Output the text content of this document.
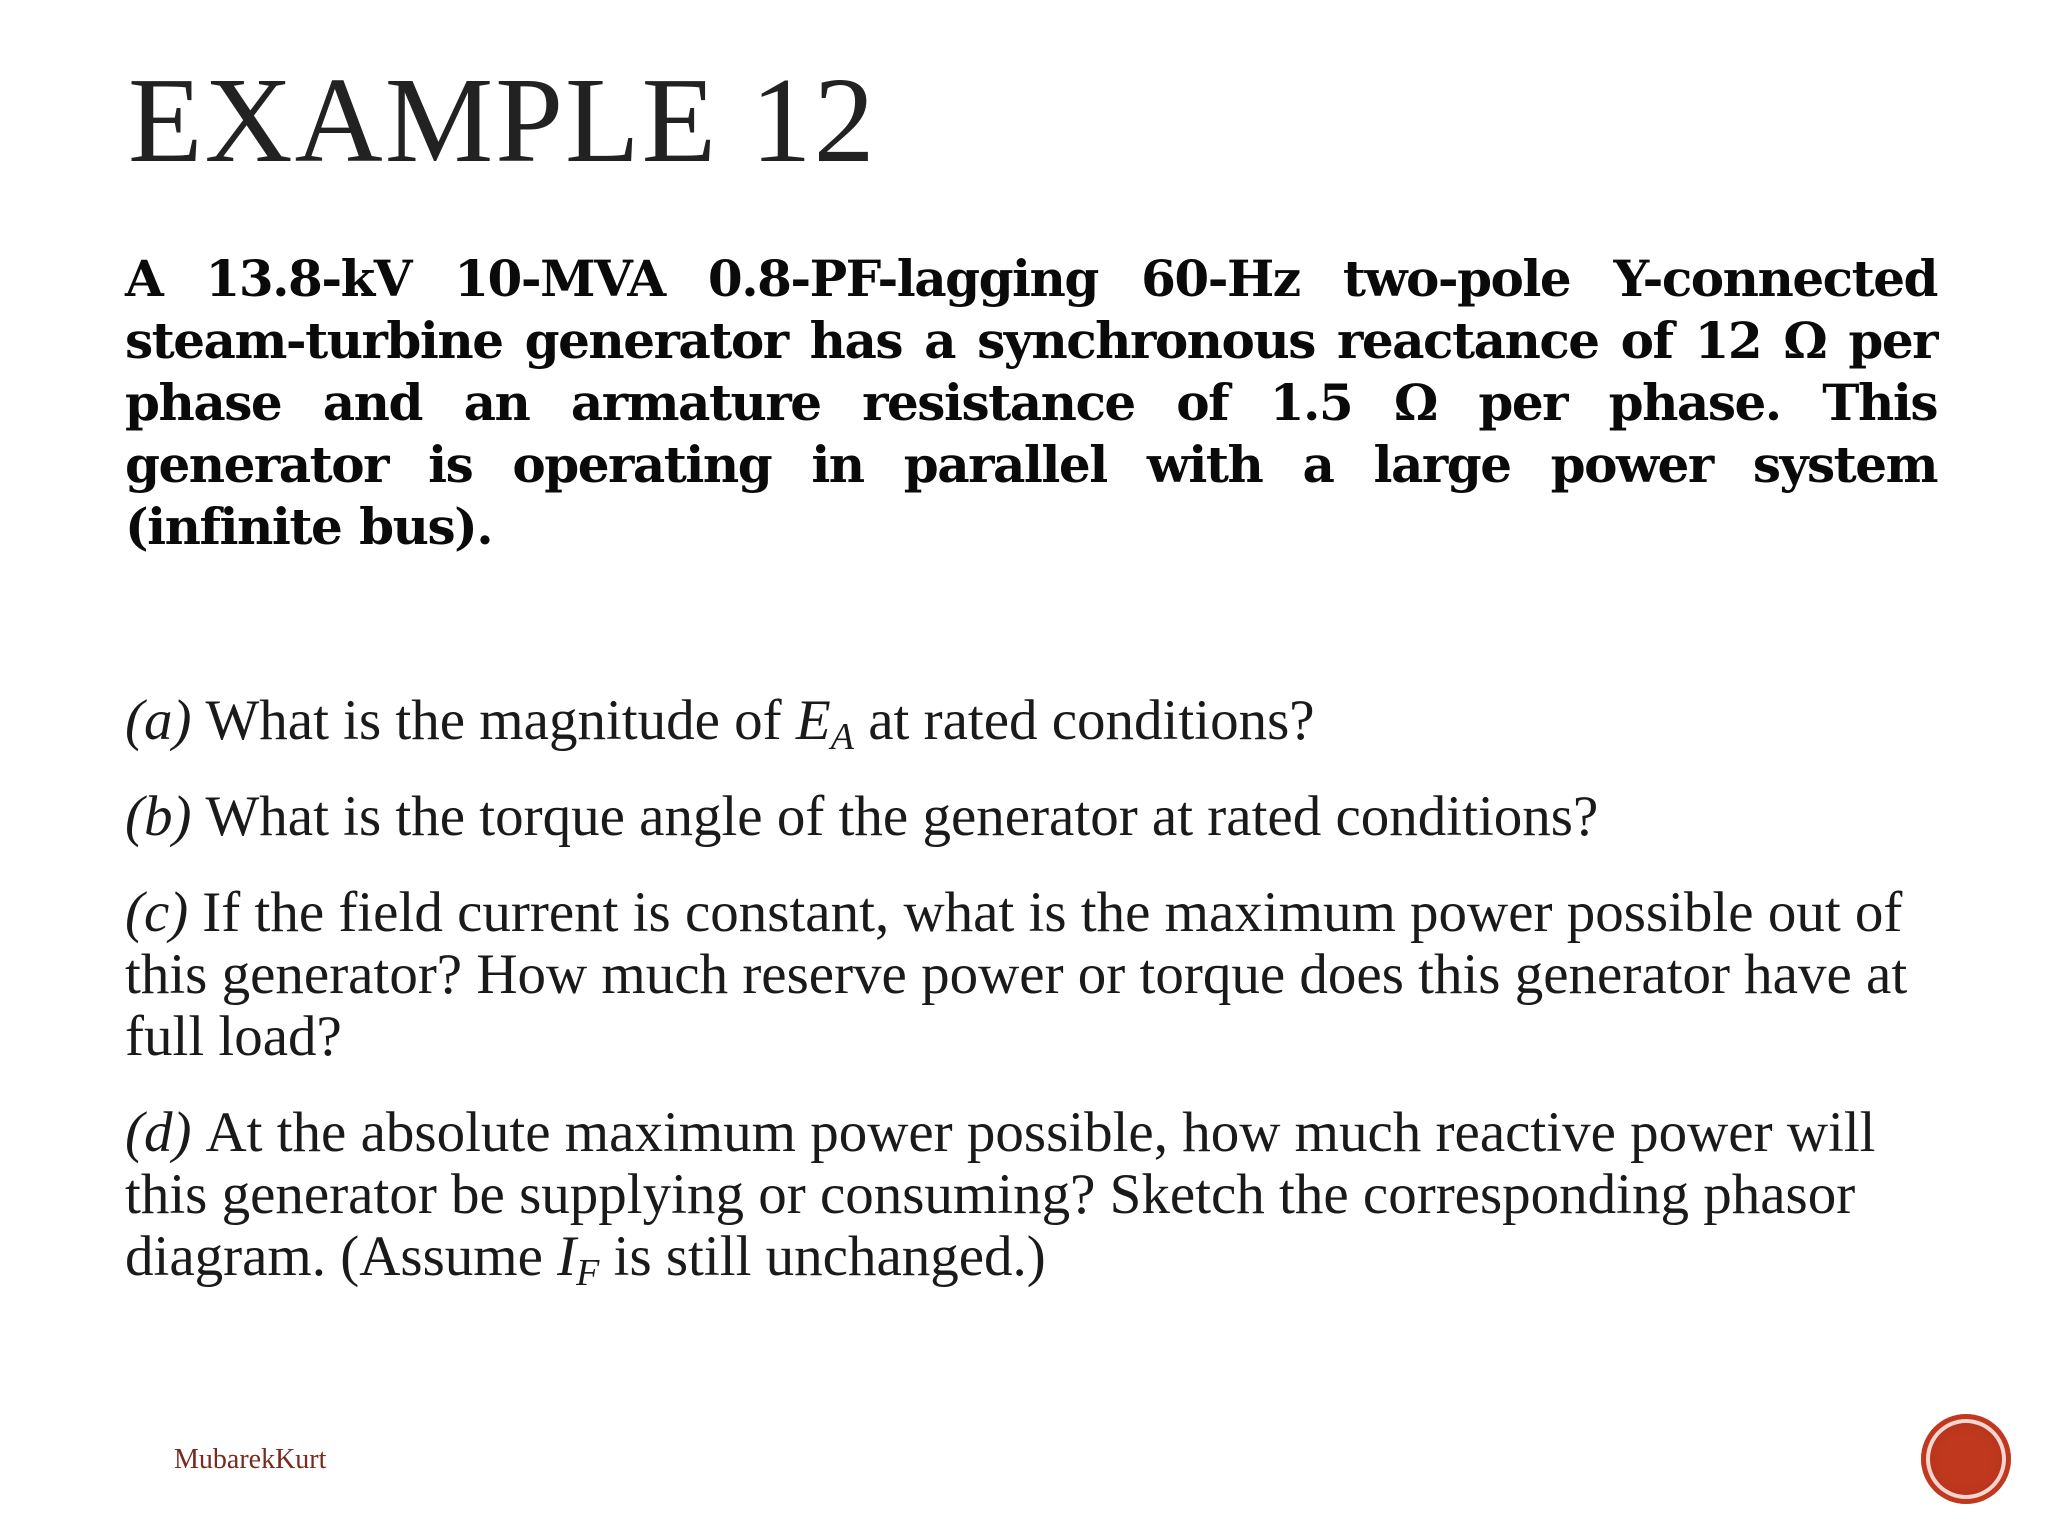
EXAMPLE 12

A 13.8-kV 10-MVA 0.8-PF-lagging 60-Hz two-pole Y-connected steam-turbine generator has a synchronous reactance of 12 Ω per phase and an armature resistance of 1.5 Ω per phase. This generator is operating in parallel with a large power system (infinite bus).

(a) What is the magnitude of EA at rated conditions?

(b) What is the torque angle of the generator at rated conditions?

(c) If the field current is constant, what is the maximum power possible out of this generator? How much reserve power or torque does this generator have at full load?

(d) At the absolute maximum power possible, how much reactive power will this generator be supplying or consuming? Sketch the corresponding phasor diagram. (Assume IF is still unchanged.)

MubarekKurt
